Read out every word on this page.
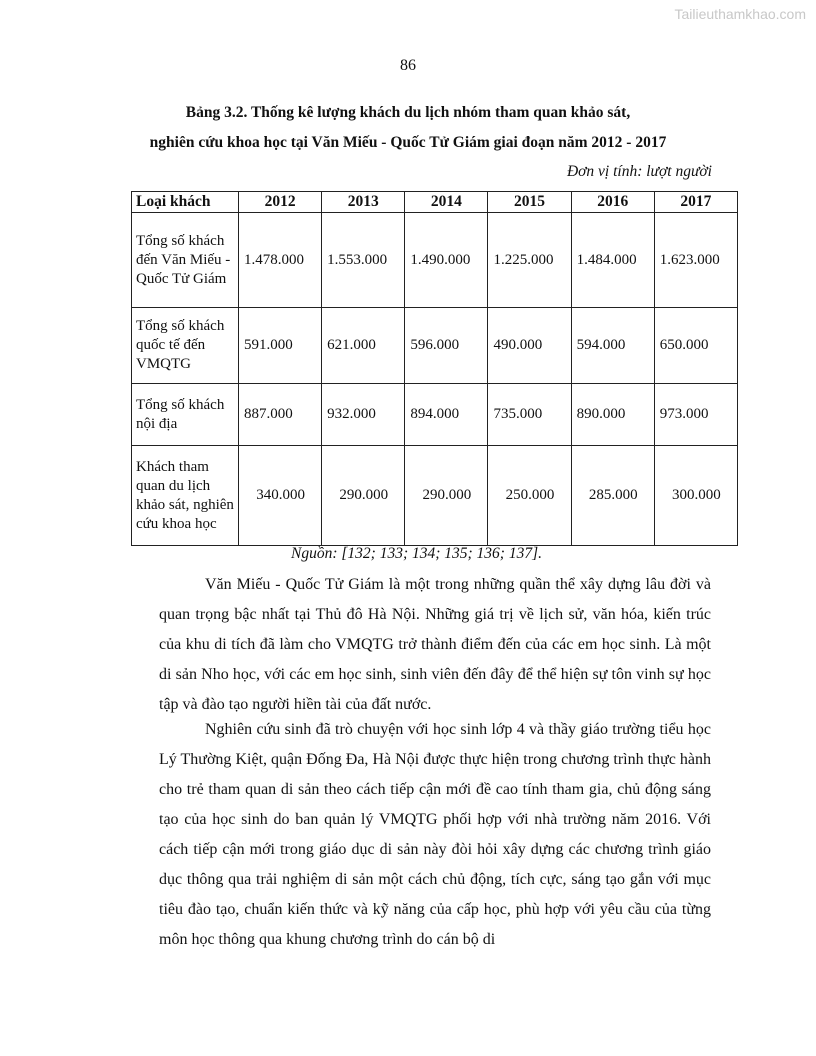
Tailieuthamkhao.com
86
Bảng 3.2. Thống kê lượng khách du lịch nhóm tham quan khảo sát,
nghiên cứu khoa học tại Văn Miếu - Quốc Tử Giám giai đoạn năm 2012 - 2017
Đơn vị tính: lượt người
Loại khách	2012	2013	2014	2015	2016	2017
Tổng số khách đến Văn Miếu - Quốc Tử Giám	1.478.000	1.553.000	1.490.000	1.225.000	1.484.000	1.623.000
Tổng số khách quốc tế đến VMQTG	591.000	621.000	596.000	490.000	594.000	650.000
Tổng số khách nội địa	887.000	932.000	894.000	735.000	890.000	973.000
Khách tham quan du lịch khảo sát, nghiên cứu khoa học	340.000	290.000	290.000	250.000	285.000	300.000
Nguồn: [132; 133; 134; 135; 136; 137].
Văn Miếu - Quốc Tử Giám là một trong những quần thể xây dựng lâu đời và quan trọng bậc nhất tại Thủ đô Hà Nội. Những giá trị về lịch sử, văn hóa, kiến trúc của khu di tích đã làm cho VMQTG trở thành điểm đến của các em học sinh. Là một di sản Nho học, với các em học sinh, sinh viên đến đây để thể hiện sự tôn vinh sự học tập và đào tạo người hiền tài của đất nước.
Nghiên cứu sinh đã trò chuyện với học sinh lớp 4 và thầy giáo trường tiểu học Lý Thường Kiệt, quận Đống Đa, Hà Nội được thực hiện trong chương trình thực hành cho trẻ tham quan di sản theo cách tiếp cận mới đề cao tính tham gia, chủ động sáng tạo của học sinh do ban quản lý VMQTG phối hợp với nhà trường năm 2016. Với cách tiếp cận mới trong giáo dục di sản này đòi hỏi xây dựng các chương trình giáo dục thông qua trải nghiệm di sản một cách chủ động, tích cực, sáng tạo gắn với mục tiêu đào tạo, chuẩn kiến thức và kỹ năng của cấp học, phù hợp với yêu cầu của từng môn học thông qua khung chương trình do cán bộ di
